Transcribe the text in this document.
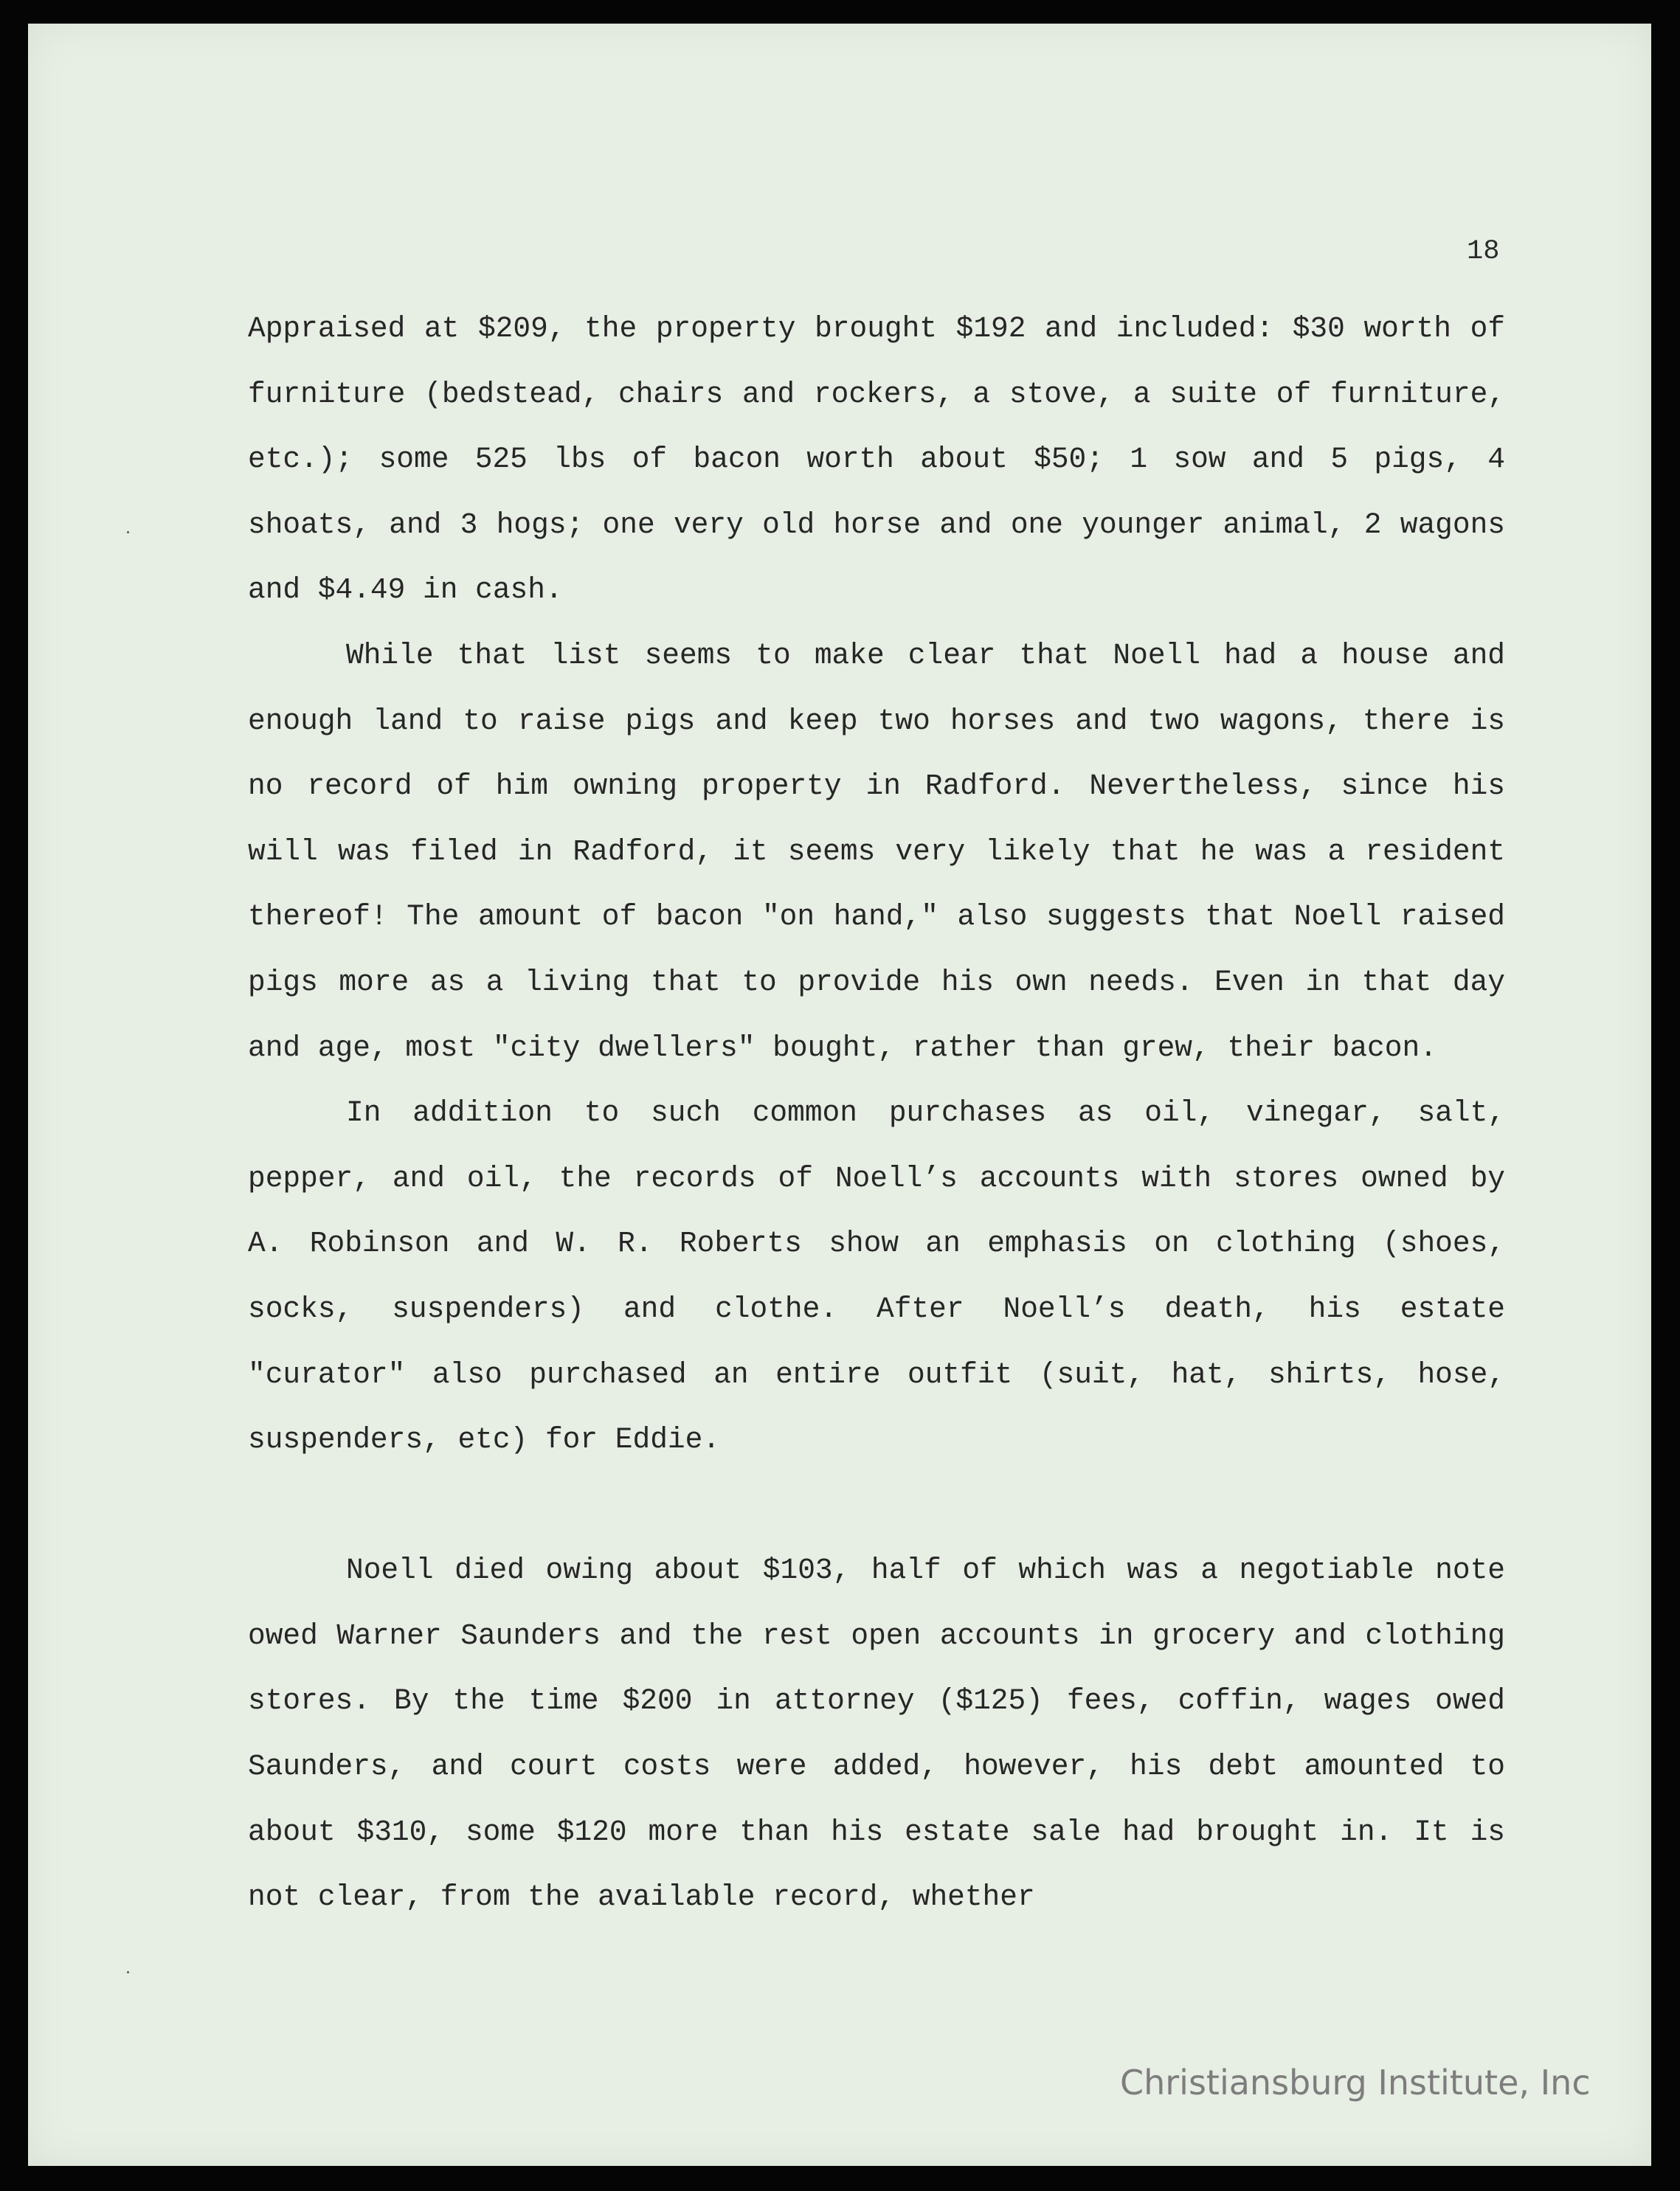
18

Appraised at $209, the property brought $192 and included: $30 worth of furniture (bedstead, chairs and rockers, a stove, a suite of furniture, etc.); some 525 lbs of bacon worth about $50; 1 sow and 5 pigs, 4 shoats, and 3 hogs; one very old horse and one younger animal, 2 wagons and $4.49 in cash.

While that list seems to make clear that Noell had a house and enough land to raise pigs and keep two horses and two wagons, there is no record of him owning property in Radford. Nevertheless, since his will was filed in Radford, it seems very likely that he was a resident thereof! The amount of bacon "on hand," also suggests that Noell raised pigs more as a living that to provide his own needs. Even in that day and age, most "city dwellers" bought, rather than grew, their bacon.

In addition to such common purchases as oil, vinegar, salt, pepper, and oil, the records of Noell’s accounts with stores owned by A. Robinson and W. R. Roberts show an emphasis on clothing (shoes, socks, suspenders) and clothe. After Noell’s death, his estate "curator" also purchased an entire outfit (suit, hat, shirts, hose, suspenders, etc) for Eddie.

Noell died owing about $103, half of which was a negotiable note owed Warner Saunders and the rest open accounts in grocery and clothing stores. By the time $200 in attorney ($125) fees, coffin, wages owed Saunders, and court costs were added, however, his debt amounted to about $310, some $120 more than his estate sale had brought in. It is not clear, from the available record, whether

Christiansburg Institute, Inc
